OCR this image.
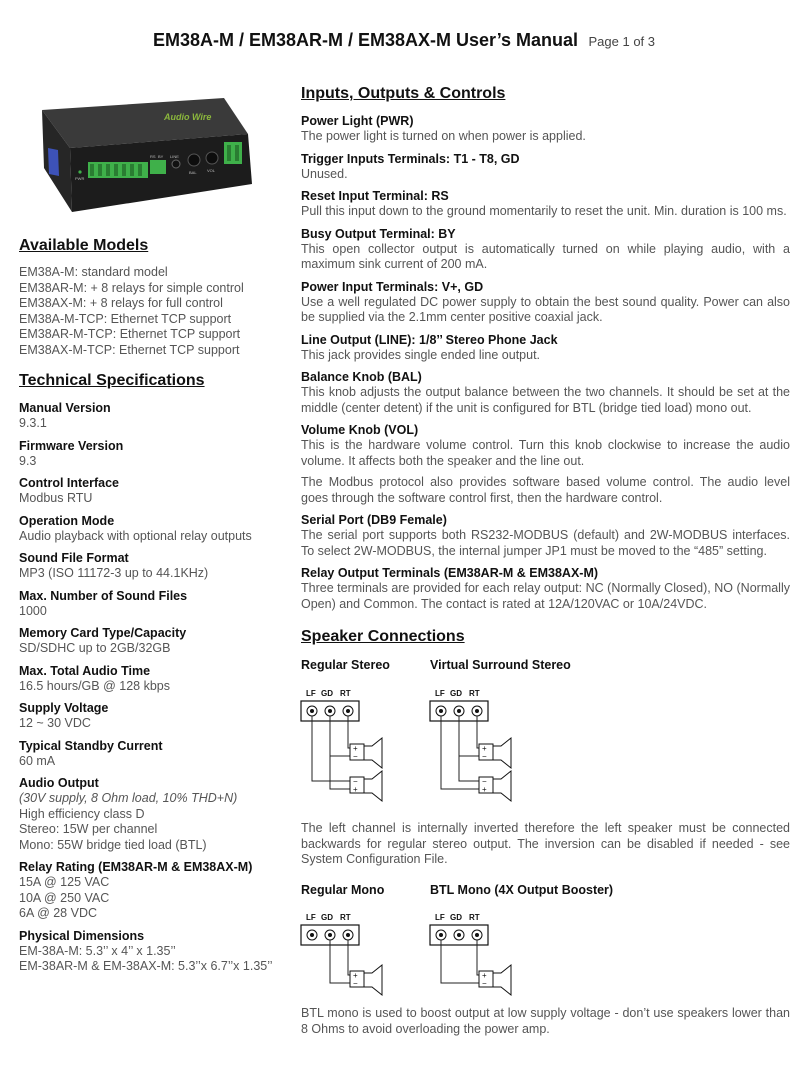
EM38A-M / EM38AR-M / EM38AX-M User’s Manual Page 1 of 3
Audio Wire
PWR
RS BY LINE
BAL	VOL
Available Models
EM38A-M: standard model
EM38AR-M: + 8 relays for simple control
EM38AX-M: + 8 relays for full control
EM38A-M-TCP: Ethernet TCP support
EM38AR-M-TCP: Ethernet TCP support
EM38AX-M-TCP: Ethernet TCP support
Technical Specifications
Manual Version
9.3.1
Firmware Version
9.3
Control Interface
Modbus RTU
Operation Mode
Audio playback with optional relay outputs
Sound File Format
MP3 (ISO 11172-3 up to 44.1KHz)
Max. Number of Sound Files
1000
Memory Card Type/Capacity
SD/SDHC up to 2GB/32GB
Max. Total Audio Time
16.5 hours/GB @ 128 kbps
Supply Voltage
12 ~ 30 VDC
Typical Standby Current
60 mA
Audio Output
(30V supply, 8 Ohm load, 10% THD+N)
High efficiency class D
Stereo: 15W per channel
Mono: 55W bridge tied load (BTL)
Relay Rating (EM38AR-M & EM38AX-M)
15A @ 125 VAC
10A @ 250 VAC
6A @ 28 VDC
Physical Dimensions
EM-38A-M: 5.3’’ x 4’’ x 1.35’’
EM-38AR-M & EM-38AX-M: 5.3’’x 6.7’’x 1.35’’
Inputs, Outputs & Controls
Power Light (PWR)
The power light is turned on when power is applied.
Trigger Inputs Terminals: T1 - T8, GD
Unused.
Reset Input Terminal: RS
Pull this input down to the ground momentarily to reset the unit. Min. duration is 100 ms.
Busy Output Terminal: BY
This open collector output is automatically turned on while playing audio, with a maximum sink current of 200 mA.
Power Input Terminals: V+, GD
Use a well regulated DC power supply to obtain the best sound quality. Power can also be supplied via the 2.1mm center positive coaxial jack.
Line Output (LINE): 1/8’’ Stereo Phone Jack
This jack provides single ended line output.
Balance Knob (BAL)
This knob adjusts the output balance between the two channels. It should be set at the middle (center detent) if the unit is configured for BTL (bridge tied load) mono out.
Volume Knob (VOL)
This is the hardware volume control. Turn this knob clockwise to increase the audio volume. It affects both the speaker and the line out.
The Modbus protocol also provides software based volume control. The audio level goes through the software control first, then the hardware control.
Serial Port (DB9 Female)
The serial port supports both RS232-MODBUS (default) and 2W-MODBUS interfaces. To select 2W-MODBUS, the internal jumper JP1 must be moved to the “485” setting.
Relay Output Terminals (EM38AR-M & EM38AX-M)
Three terminals are provided for each relay output: NC (Normally Closed), NO (Normally Open) and Common. The contact is rated at 12A/120VAC or 10A/24VDC.
Speaker Connections
Regular Stereo	Virtual Surround Stereo
LF GD RT
+
−
−
+
LF GD RT
+
−
−
+
The left channel is internally inverted therefore the left speaker must be connected backwards for regular stereo output. The inversion can be disabled if needed - see System Configuration File.
Regular Mono	BTL Mono (4X Output Booster)
LF GD RT
+
−
LF GD RT
+
−
BTL mono is used to boost output at low supply voltage - don’t use speakers lower than 8 Ohms to avoid overloading the power amp.
